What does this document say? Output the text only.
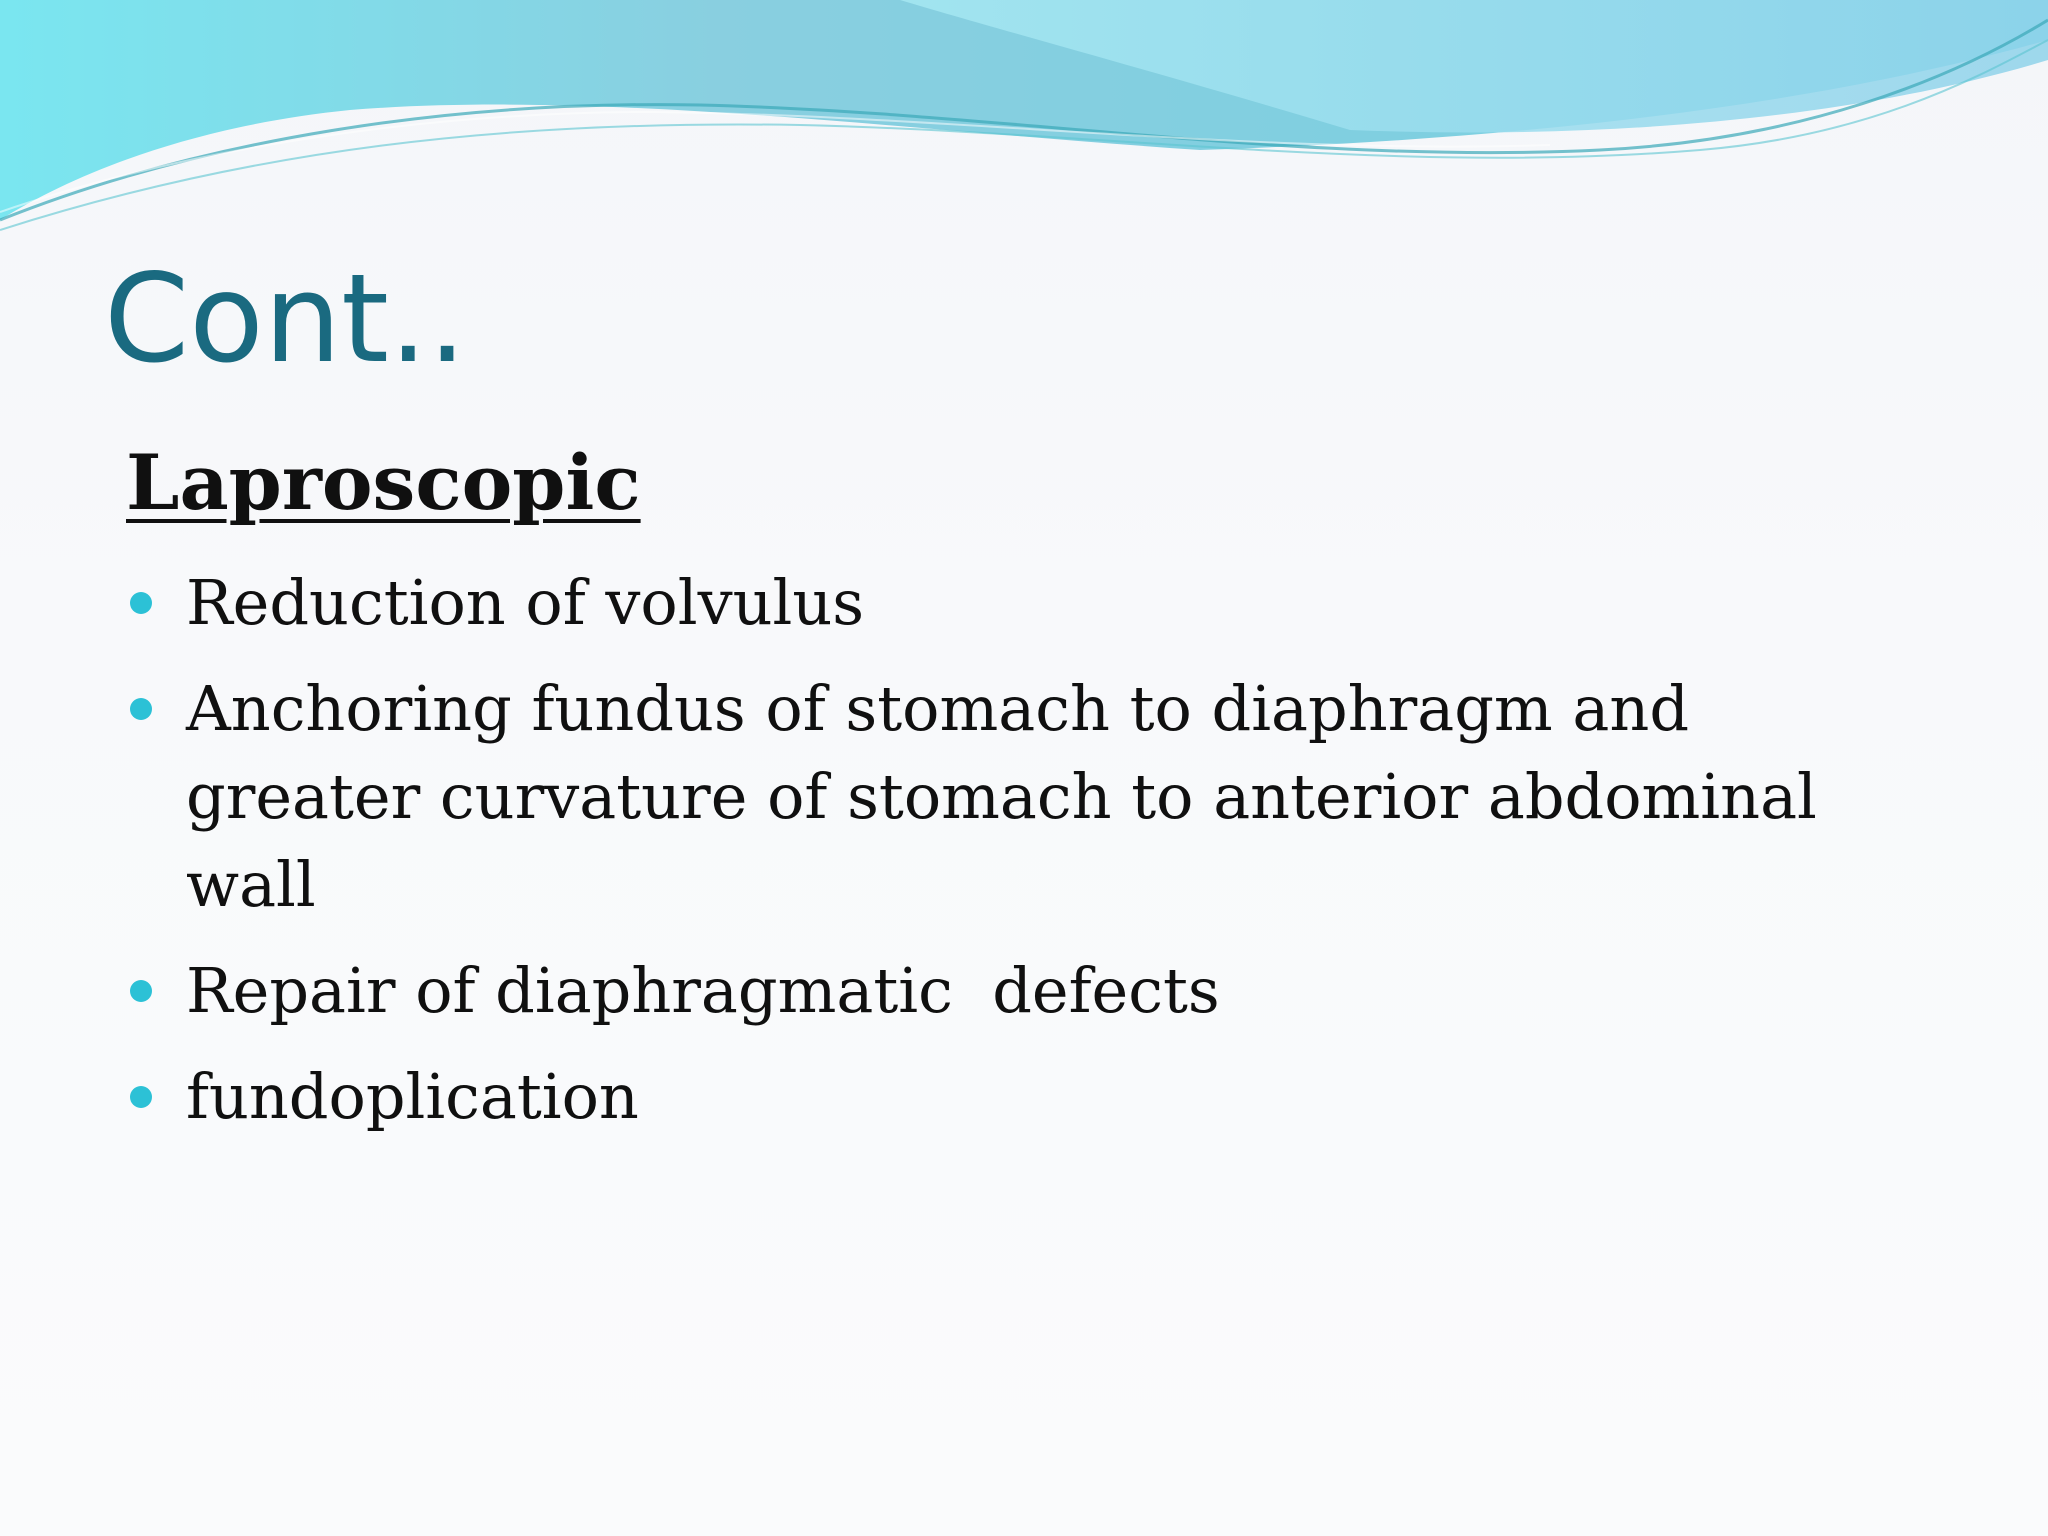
Cont..
Laproscopic
Reduction of volvulus
Anchoring fundus of stomach to diaphragm and greater curvature of stomach to anterior abdominal wall
Repair of diaphragmatic  defects
fundoplication
